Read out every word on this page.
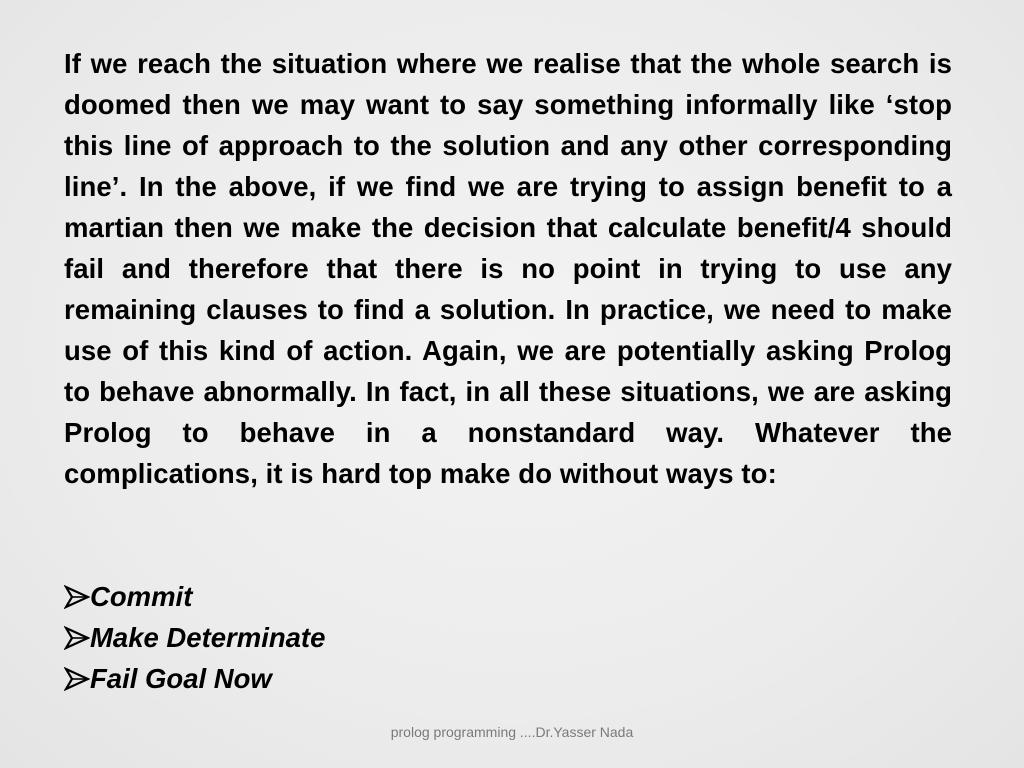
If we reach the situation where we realise that the whole search is doomed then we may want to say something informally like ‘stop this line of approach to the solution and any other corresponding line’. In the above, if we find we are trying to assign benefit to a martian then we make the decision that calculate benefit/4 should fail and therefore that there is no point in trying to use any remaining clauses to find a solution. In practice, we need to make use of this kind of action. Again, we are potentially asking Prolog to behave abnormally. In fact, in all these situations, we are asking Prolog to behave in a nonstandard way. Whatever the complications, it is hard top make do without ways to:

Commit
Make Determinate
Fail Goal Now
prolog programming ....Dr.Yasser Nada
